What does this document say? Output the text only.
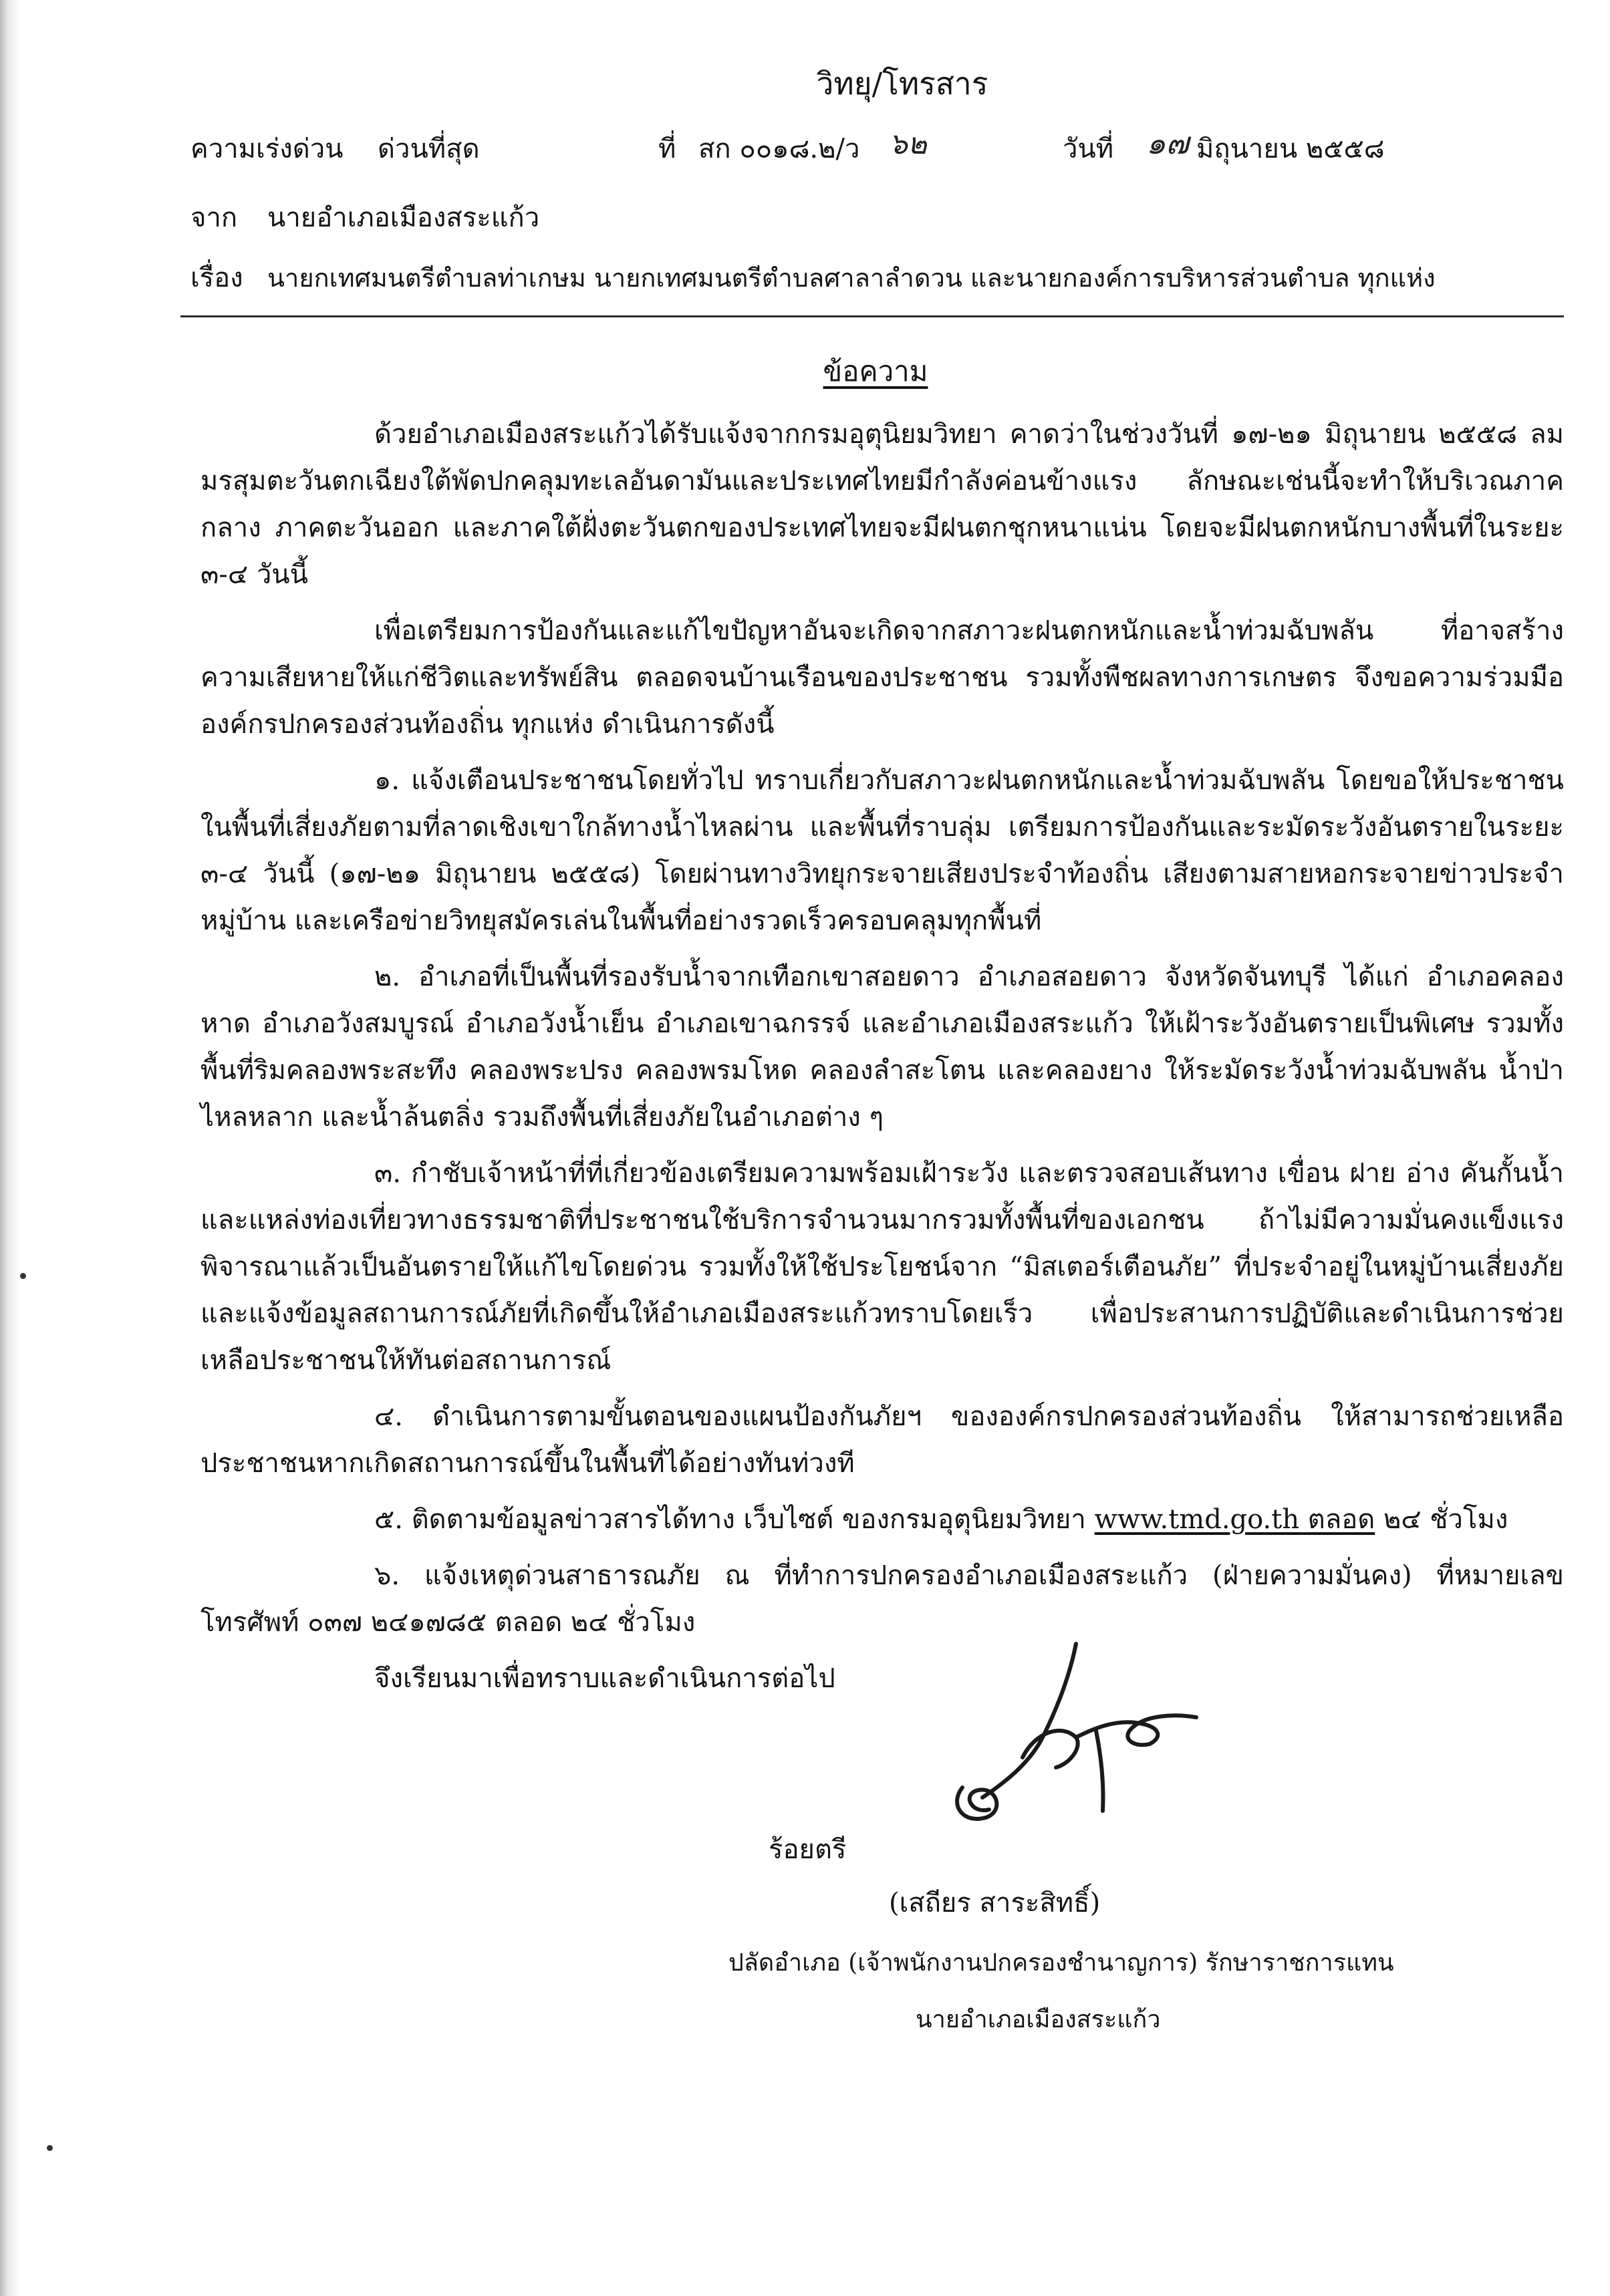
วิทยุ/โทรสาร
ความเร่งด่วน ด่วนที่สุด	ที่ สก ๐๐๑๘.๒/ว ๖๒	วันที่ ๑๗ มิถุนายน ๒๕๕๘
จาก นายอำเภอเมืองสระแก้ว
เรื่อง นายกเทศมนตรีตำบลท่าเกษม นายกเทศมนตรีตำบลศาลาลำดวน และนายกองค์การบริหารส่วนตำบล ทุกแห่ง
ข้อความ

ด้วยอำเภอเมืองสระแก้วได้รับแจ้งจากกรมอุตุนิยมวิทยา คาดว่าในช่วงวันที่ ๑๗-๒๑ มิถุนายน ๒๕๕๘ ลมมรสุมตะวันตกเฉียงใต้พัดปกคลุมทะเลอันดามันและประเทศไทยมีกำลังค่อนข้างแรง ลักษณะเช่นนี้จะทำให้บริเวณภาคกลาง ภาคตะวันออก และภาคใต้ฝั่งตะวันตกของประเทศไทยจะมีฝนตกชุกหนาแน่น โดยจะมีฝนตกหนักบางพื้นที่ในระยะ ๓-๔ วันนี้

เพื่อเตรียมการป้องกันและแก้ไขปัญหาอันจะเกิดจากสภาวะฝนตกหนักและน้ำท่วมฉับพลัน ที่อาจสร้างความเสียหายให้แก่ชีวิตและทรัพย์สิน ตลอดจนบ้านเรือนของประชาชน รวมทั้งพืชผลทางการเกษตร จึงขอความร่วมมือองค์กรปกครองส่วนท้องถิ่น ทุกแห่ง ดำเนินการดังนี้

๑. แจ้งเตือนประชาชนโดยทั่วไป ทราบเกี่ยวกับสภาวะฝนตกหนักและน้ำท่วมฉับพลัน โดยขอให้ประชาชนในพื้นที่เสี่ยงภัยตามที่ลาดเชิงเขาใกล้ทางน้ำไหลผ่าน และพื้นที่ราบลุ่ม เตรียมการป้องกันและระมัดระวังอันตรายในระยะ ๓-๔ วันนี้ (๑๗-๒๑ มิถุนายน ๒๕๕๘) โดยผ่านทางวิทยุกระจายเสียงประจำท้องถิ่น เสียงตามสายหอกระจายข่าวประจำหมู่บ้าน และเครือข่ายวิทยุสมัครเล่นในพื้นที่อย่างรวดเร็วครอบคลุมทุกพื้นที่

๒. อำเภอที่เป็นพื้นที่รองรับน้ำจากเทือกเขาสอยดาว อำเภอสอยดาว จังหวัดจันทบุรี ได้แก่ อำเภอคลองหาด อำเภอวังสมบูรณ์ อำเภอวังน้ำเย็น อำเภอเขาฉกรรจ์ และอำเภอเมืองสระแก้ว ให้เฝ้าระวังอันตรายเป็นพิเศษ รวมทั้งพื้นที่ริมคลองพระสะทึง คลองพระปรง คลองพรมโหด คลองลำสะโตน และคลองยาง ให้ระมัดระวังน้ำท่วมฉับพลัน น้ำป่าไหลหลาก และน้ำล้นตลิ่ง รวมถึงพื้นที่เสี่ยงภัยในอำเภอต่าง ๆ

๓. กำชับเจ้าหน้าที่ที่เกี่ยวข้องเตรียมความพร้อมเฝ้าระวัง และตรวจสอบเส้นทาง เขื่อน ฝาย อ่าง คันกั้นน้ำ และแหล่งท่องเที่ยวทางธรรมชาติที่ประชาชนใช้บริการจำนวนมากรวมทั้งพื้นที่ของเอกชน ถ้าไม่มีความมั่นคงแข็งแรงพิจารณาแล้วเป็นอันตรายให้แก้ไขโดยด่วน รวมทั้งให้ใช้ประโยชน์จาก “มิสเตอร์เตือนภัย” ที่ประจำอยู่ในหมู่บ้านเสี่ยงภัยและแจ้งข้อมูลสถานการณ์ภัยที่เกิดขึ้นให้อำเภอเมืองสระแก้วทราบโดยเร็ว เพื่อประสานการปฏิบัติและดำเนินการช่วยเหลือประชาชนให้ทันต่อสถานการณ์

๔. ดำเนินการตามขั้นตอนของแผนป้องกันภัยฯ ขององค์กรปกครองส่วนท้องถิ่น ให้สามารถช่วยเหลือประชาชนหากเกิดสถานการณ์ขึ้นในพื้นที่ได้อย่างทันท่วงที

๕. ติดตามข้อมูลข่าวสารได้ทาง เว็บไซต์ ของกรมอุตุนิยมวิทยา www.tmd.go.th ตลอด ๒๔ ชั่วโมง

๖. แจ้งเหตุด่วนสาธารณภัย ณ ที่ทำการปกครองอำเภอเมืองสระแก้ว (ฝ่ายความมั่นคง) ที่หมายเลขโทรศัพท์ ๐๓๗ ๒๔๑๗๘๕ ตลอด ๒๔ ชั่วโมง

จึงเรียนมาเพื่อทราบและดำเนินการต่อไป

ร้อยตรี
(เสถียร สาระสิทธิ์)
ปลัดอำเภอ (เจ้าพนักงานปกครองชำนาญการ) รักษาราชการแทน
นายอำเภอเมืองสระแก้ว
